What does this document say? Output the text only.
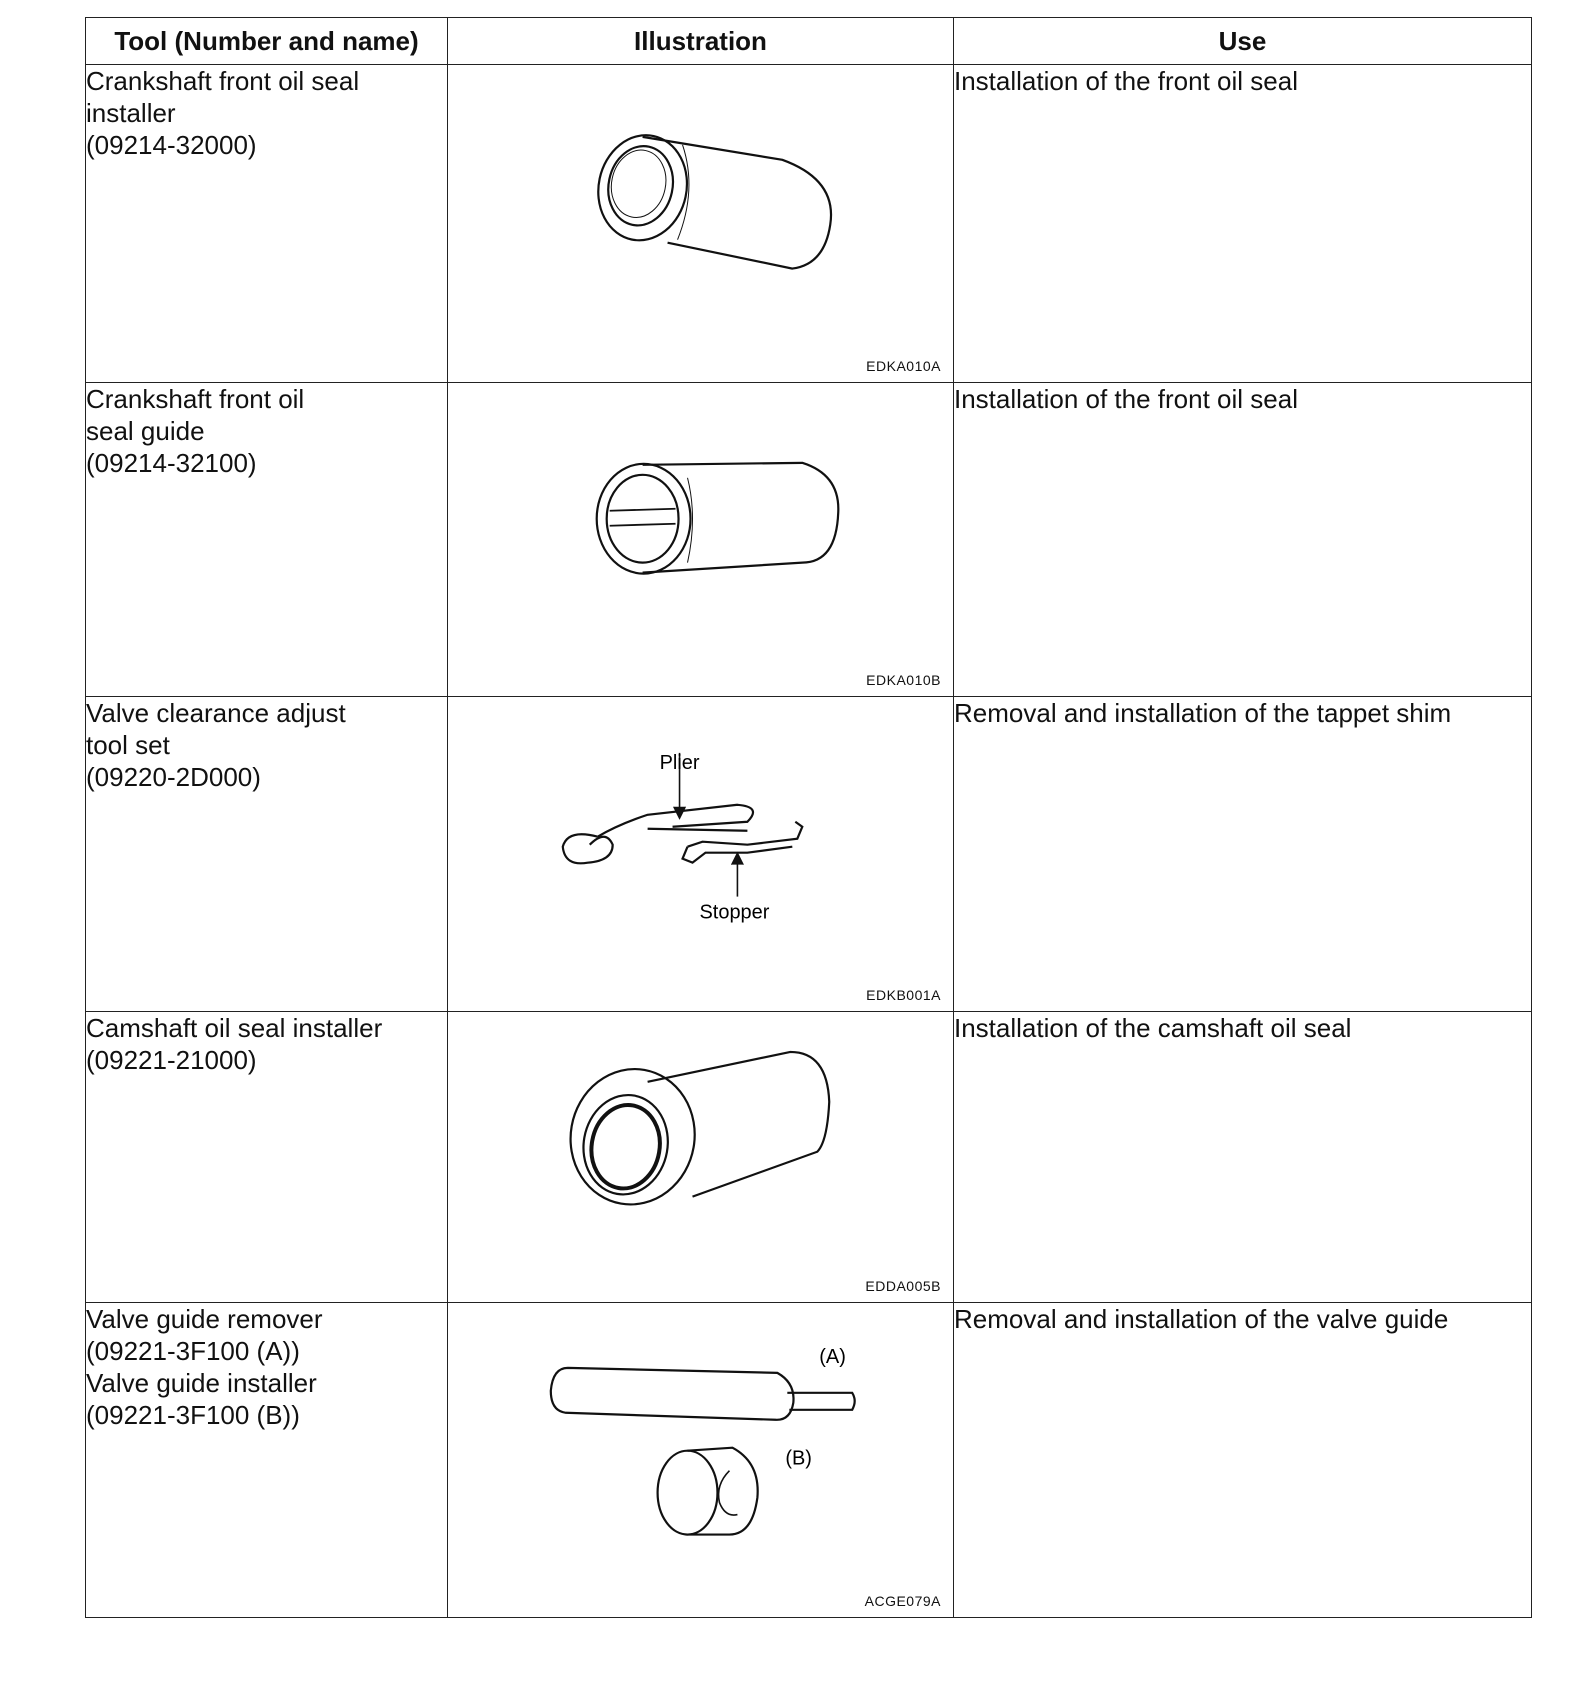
Tool (Number and name)	Illustration	Use
Crankshaft front oil seal
installer
(09214-32000)	EDKA010A	Installation of the front oil seal
Crankshaft front oil
seal guide
(09214-32100)	EDKA010B	Installation of the front oil seal
Valve clearance adjust
tool set
(09220-2D000)	Plier
Stopper
EDKB001A	Removal and installation of the tappet shim
Camshaft oil seal installer
(09221-21000)	EDDA005B	Installation of the camshaft oil seal
Valve guide remover
(09221-3F100 (A))
Valve guide installer
(09221-3F100 (B))	(A)
(B)
ACGE079A	Removal and installation of the valve guide
